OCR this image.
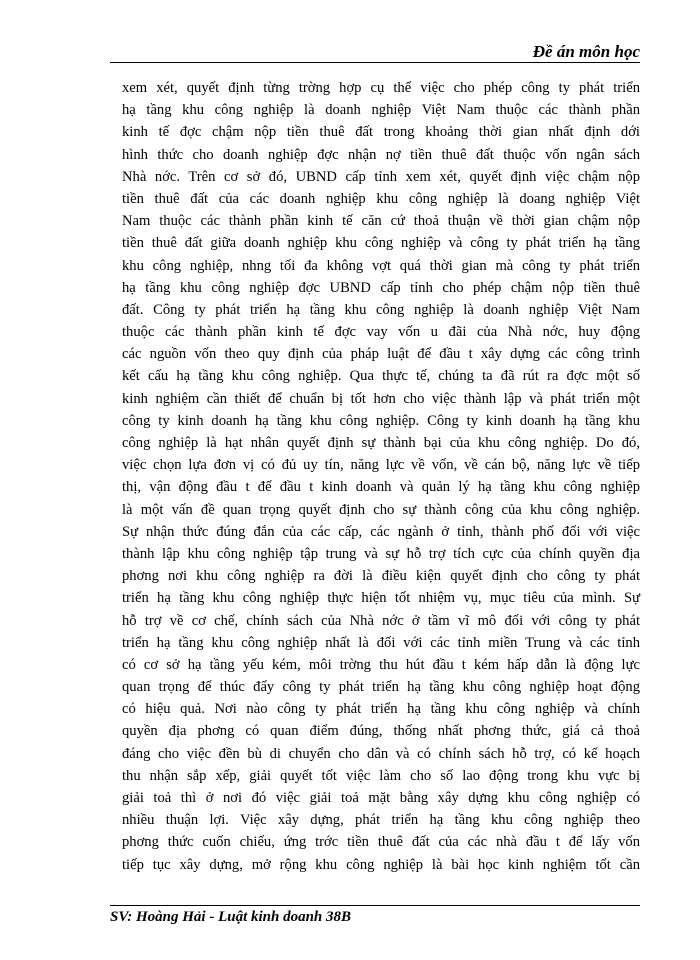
Đề án môn học
xem xét, quyết định từng trờng hợp cụ thể việc cho phép công ty phát triển
hạ tầng khu công nghiệp là doanh nghiệp Việt Nam thuộc các thành phần
kinh tế đợc chậm nộp tiền thuê đất trong khoảng thời gian nhất định dới
hình thức cho doanh nghiệp đợc nhận nợ tiền thuê đất thuộc vốn ngân sách
Nhà nớc. Trên cơ sở đó, UBND cấp tỉnh xem xét, quyết định việc chậm nộp
tiền thuê đất của các doanh nghiệp khu công nghiệp là doang nghiệp Việt
Nam thuộc các thành phần kinh tế căn cứ thoả thuận về thời gian chậm nộp
tiền thuê đất giữa doanh nghiệp khu công nghiệp và công ty phát triển hạ tầng
khu công nghiệp, nhng tối đa không vợt quá thời gian mà công ty phát triển
hạ tầng khu công nghiệp đợc UBND cấp tỉnh cho phép chậm nộp tiền thuê
đất. Công ty phát triển hạ tầng khu công nghiệp là doanh nghiệp Việt Nam
thuộc các thành phần kinh tế đợc vay vốn u đãi của Nhà nớc, huy động
các nguồn vốn theo quy định của pháp luật để đầu t xây dựng các công trình
kết cấu hạ tầng khu công nghiệp. Qua thực tế, chúng ta đã rút ra đợc một số
kinh nghiệm cần thiết để chuẩn bị tốt hơn cho việc thành lập và phát triển một
công ty kinh doanh hạ tầng khu công nghiệp. Công ty kinh doanh hạ tầng khu
công nghiệp là hạt nhân quyết định sự thành bại của khu công nghiệp. Do đó,
việc chọn lựa đơn vị có đủ uy tín, năng lực về vốn, về cán bộ, năng lực về tiếp
thị, vận động đầu t để đầu t kinh doanh và quản lý hạ tầng khu công nghiệp
là một vấn đề quan trọng quyết định cho sự thành công của khu công nghiệp.
Sự nhận thức đúng đắn của các cấp, các ngành ở tỉnh, thành phố đối với việc
thành lập khu công nghiệp tập trung và sự hỗ trợ tích cực của chính quyền địa
phơng nơi khu công nghiệp ra đời là điều kiện quyết định cho công ty phát
triển hạ tầng khu công nghiệp thực hiện tốt nhiệm vụ, mục tiêu của mình. Sự
hỗ trợ về cơ chế, chính sách của Nhà nớc ở tầm vĩ mô đối với công ty phát
triển hạ tầng khu công nghiệp nhất là đối với các tỉnh miền Trung và các tỉnh
có cơ sở hạ tầng yếu kém, môi trờng thu hút đầu t kém hấp dẫn là động lực
quan trọng để thúc đẩy công ty phát triển hạ tầng khu công nghiệp hoạt động
có hiệu quả. Nơi nào công ty phát triển hạ tầng khu công nghiệp và chính
quyền địa phơng có quan điểm đúng, thống nhất phơng thức, giá cả thoả
đáng cho việc đền bù di chuyển cho dân và có chính sách hỗ trợ, có kế hoạch
thu nhận sắp xếp, giải quyết tốt việc làm cho số lao động trong khu vực bị
giải toả thì ở nơi đó việc giải toả mặt bằng xây dựng khu công nghiệp có
nhiều thuận lợi. Việc xây dựng, phát triển hạ tầng khu công nghiệp theo
phơng thức cuốn chiếu, ứng trớc tiền thuê đất của các nhà đầu t để lấy vốn
tiếp tục xây dựng, mở rộng khu công nghiệp là bài học kinh nghiệm tốt cần
SV: Hoàng Hải - Luật kinh doanh 38B
